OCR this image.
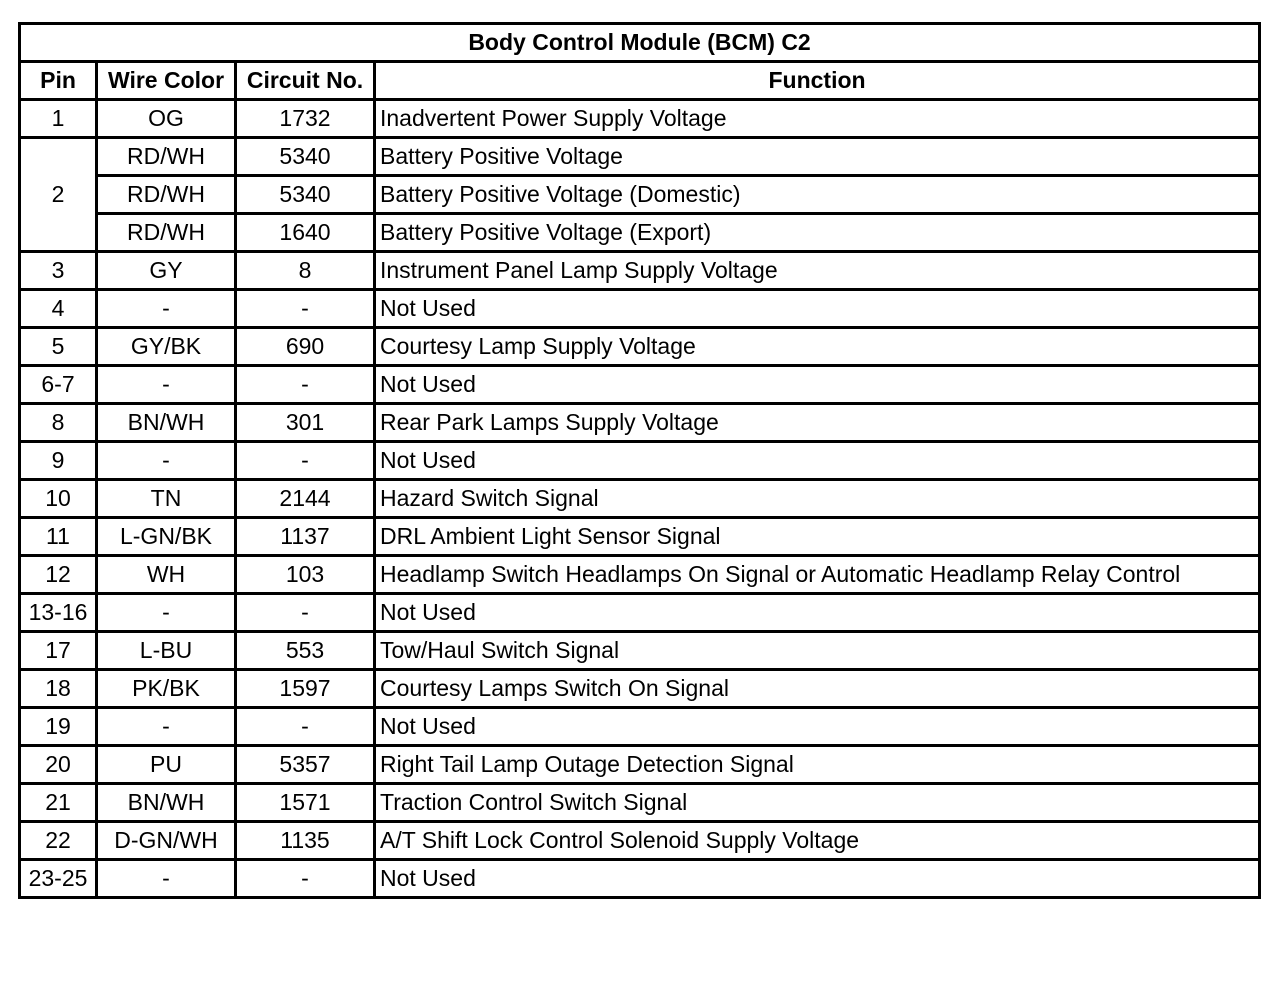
Body Control Module (BCM) C2			
Pin	Wire Color	Circuit No.	Function
1	OG	1732	Inadvertent Power Supply Voltage
2	RD/WH	5340	Battery Positive Voltage
	RD/WH	5340	Battery Positive Voltage (Domestic)
	RD/WH	1640	Battery Positive Voltage (Export)
3	GY	8	Instrument Panel Lamp Supply Voltage
4	-	-	Not Used
5	GY/BK	690	Courtesy Lamp Supply Voltage
6-7	-	-	Not Used
8	BN/WH	301	Rear Park Lamps Supply Voltage
9	-	-	Not Used
10	TN	2144	Hazard Switch Signal
11	L-GN/BK	1137	DRL Ambient Light Sensor Signal
12	WH	103	Headlamp Switch Headlamps On Signal or Automatic Headlamp Relay Control
13-16	-	-	Not Used
17	L-BU	553	Tow/Haul Switch Signal
18	PK/BK	1597	Courtesy Lamps Switch On Signal
19	-	-	Not Used
20	PU	5357	Right Tail Lamp Outage Detection Signal
21	BN/WH	1571	Traction Control Switch Signal
22	D-GN/WH	1135	A/T Shift Lock Control Solenoid Supply Voltage
23-25	-	-	Not Used
